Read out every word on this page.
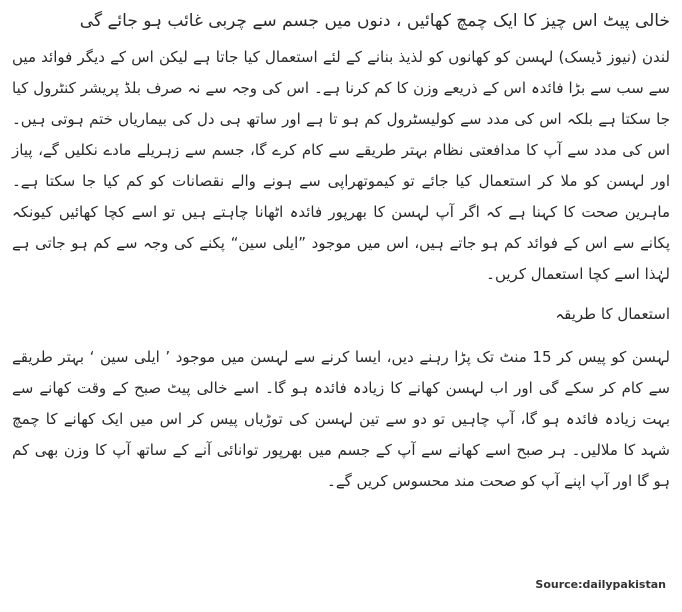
خالی پیٹ اس چیز کا ایک چمچ کھائیں ، دنوں میں جسم سے چربی غائب ہو جائے گی

لندن (نیوز ڈیسک) لہسن کو کھانوں کو لذیذ بنانے کے لئے استعمال کیا جاتا ہے لیکن اس کے دیگر فوائد میں سے سب سے بڑا فائدہ اس کے ذریعے وزن کا کم کرنا ہے۔ اس کی وجہ سے نہ صرف بلڈ پریشر کنٹرول کیا جا سکتا ہے بلکہ اس کی مدد سے کولیسٹرول کم ہو تا ہے اور ساتھ ہی دل کی بیماریاں ختم ہوتی ہیں۔ اس کی مدد سے آپ کا مدافعتی نظام بہتر طریقے سے کام کرے گا، جسم سے زہریلے مادے نکلیں گے، پیاز اور لہسن کو ملا کر استعمال کیا جائے تو کیموتھراپی سے ہونے والے نقصانات کو کم کیا جا سکتا ہے۔ ماہرین صحت کا کہنا ہے کہ اگر آپ لہسن کا بھرپور فائدہ اٹھانا چاہتے ہیں تو اسے کچا کھائیں کیونکہ پکانے سے اس کے فوائد کم ہو جاتے ہیں، اس میں موجود ”ایلی سین“ پکنے کی وجہ سے کم ہو جاتی ہے لہٰذا اسے کچا استعمال کریں۔

استعمال کا طریقہ

لہسن کو پیس کر 15 منٹ تک پڑا رہنے دیں، ایسا کرنے سے لہسن میں موجود ’ ایلی سین ‘ بہتر طریقے سے کام کر سکے گی اور اب لہسن کھانے کا زیادہ فائدہ ہو گا۔ اسے خالی پیٹ صبح کے وقت کھانے سے بہت زیادہ فائدہ ہو گا، آپ چاہیں تو دو سے تین لہسن کی توڑیاں پیس کر اس میں ایک کھانے کا چمچ شہد کا ملالیں۔ ہر صبح اسے کھانے سے آپ کے جسم میں بھرپور توانائی آنے کے ساتھ آپ کا وزن بھی کم ہو گا اور آپ اپنے آپ کو صحت مند محسوس کریں گے۔

Source:dailypakistan
